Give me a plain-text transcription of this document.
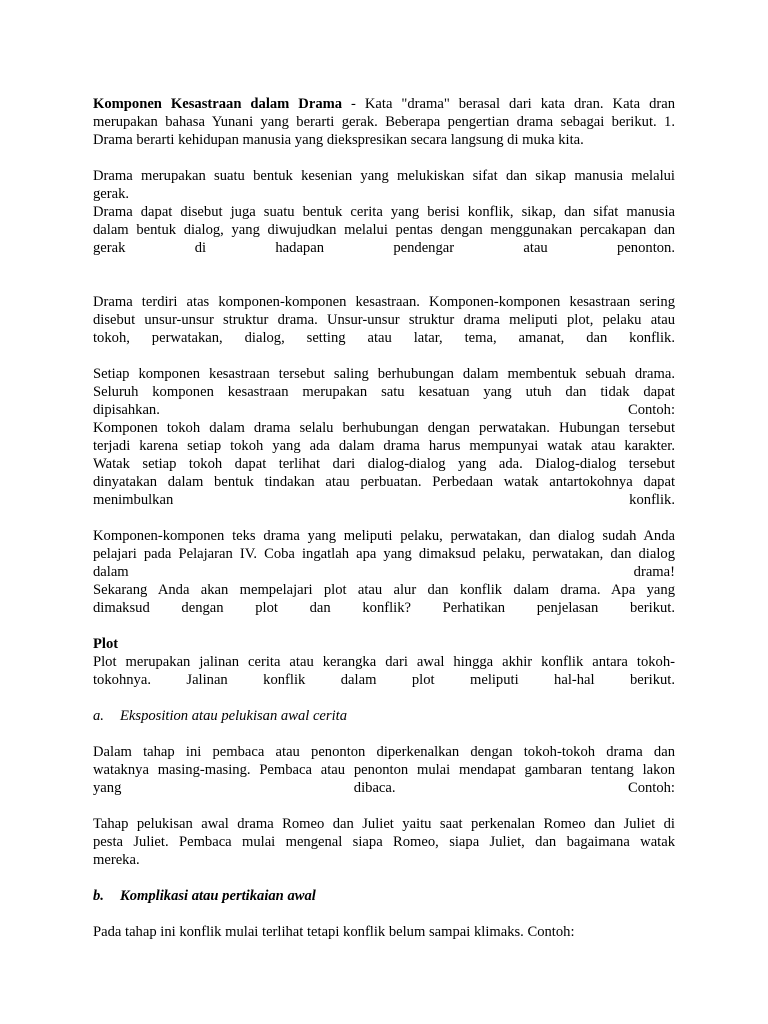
Komponen Kesastraan dalam Drama - Kata "drama" berasal dari kata dran. Kata dran
merupakan bahasa Yunani yang berarti gerak. Beberapa pengertian drama sebagai berikut. 1.
Drama berarti kehidupan manusia yang diekspresikan secara langsung di muka kita.
Drama merupakan suatu bentuk kesenian yang melukiskan sifat dan sikap manusia melalui
gerak.
Drama dapat disebut juga suatu bentuk cerita yang berisi konflik, sikap, dan sifat manusia
dalam bentuk dialog, yang diwujudkan melalui pentas dengan menggunakan percakapan dan
gerak di hadapan pendengar atau penonton.
Drama terdiri atas komponen-komponen kesastraan. Komponen-komponen kesastraan sering
disebut unsur-unsur struktur drama. Unsur-unsur struktur drama meliputi plot, pelaku atau
tokoh, perwatakan, dialog, setting atau latar, tema, amanat, dan konflik.
Setiap komponen kesastraan tersebut saling berhubungan dalam membentuk sebuah drama.
Seluruh komponen kesastraan merupakan satu kesatuan yang utuh dan tidak dapat
dipisahkan. Contoh:
Komponen tokoh dalam drama selalu berhubungan dengan perwatakan. Hubungan tersebut
terjadi karena setiap tokoh yang ada dalam drama harus mempunyai watak atau karakter.
Watak setiap tokoh dapat terlihat dari dialog-dialog yang ada. Dialog-dialog tersebut
dinyatakan dalam bentuk tindakan atau perbuatan. Perbedaan watak antartokohnya dapat
menimbulkan konflik.
Komponen-komponen teks drama yang meliputi pelaku, perwatakan, dan dialog sudah Anda
pelajari pada Pelajaran IV. Coba ingatlah apa yang dimaksud pelaku, perwatakan, dan dialog
dalam drama!
Sekarang Anda akan mempelajari plot atau alur dan konflik dalam drama. Apa yang
dimaksud dengan plot dan konflik? Perhatikan penjelasan berikut.
Plot
Plot merupakan jalinan cerita atau kerangka dari awal hingga akhir konflik antara tokoh-
tokohnya. Jalinan konflik dalam plot meliputi hal-hal berikut.
a.	Eksposition atau pelukisan awal cerita
Dalam tahap ini pembaca atau penonton diperkenalkan dengan tokoh-tokoh drama dan
wataknya masing-masing. Pembaca atau penonton mulai mendapat gambaran tentang lakon
yang dibaca. Contoh:
Tahap pelukisan awal drama Romeo dan Juliet yaitu saat perkenalan Romeo dan Juliet di
pesta Juliet. Pembaca mulai mengenal siapa Romeo, siapa Juliet, dan bagaimana watak
mereka.
b.	Komplikasi atau pertikaian awal
Pada tahap ini konflik mulai terlihat tetapi konflik belum sampai klimaks. Contoh:
